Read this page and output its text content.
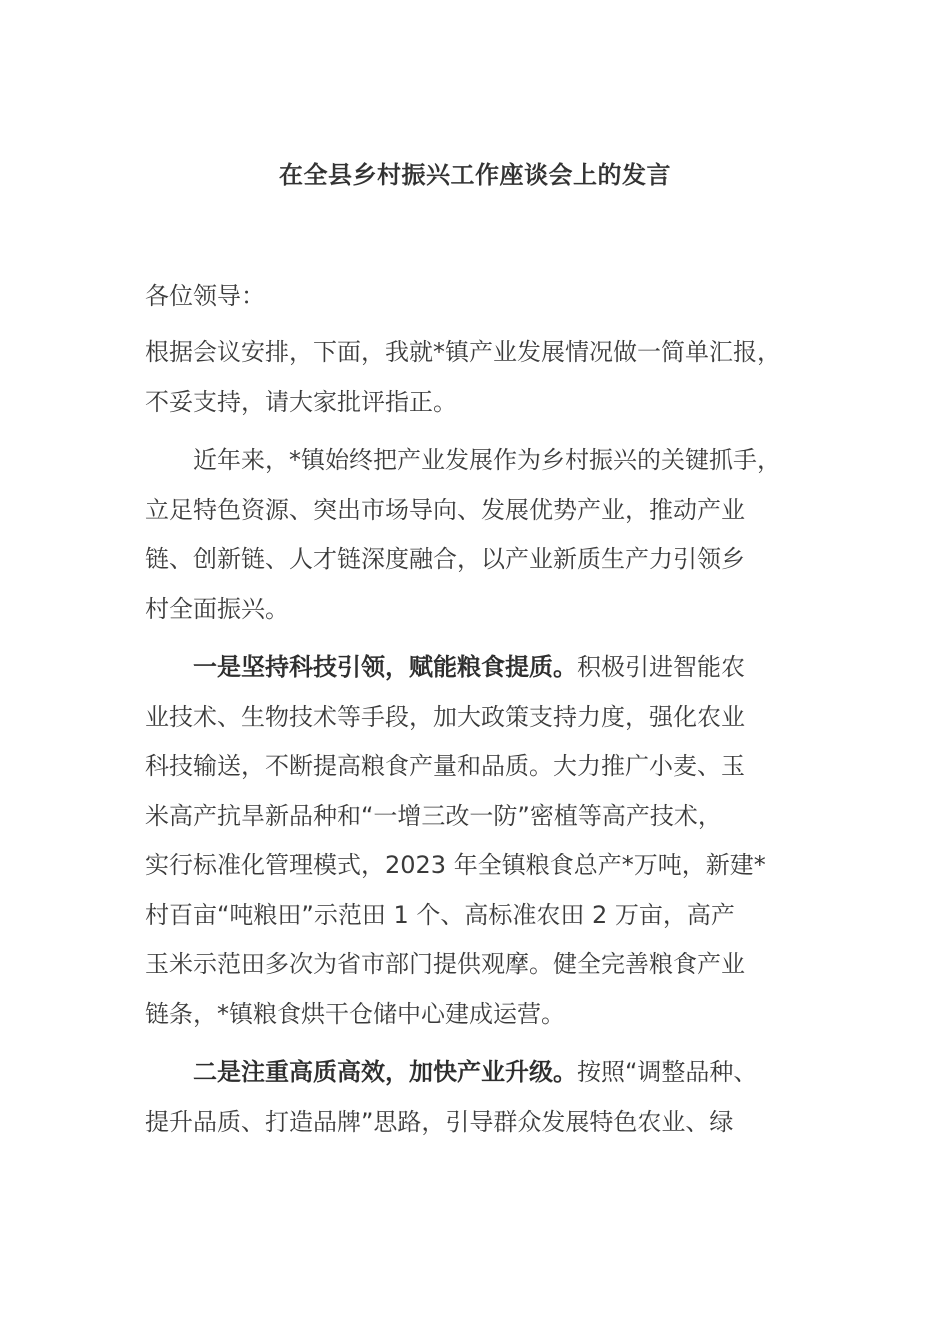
在全县乡村振兴工作座谈会上的发言
各位领导：
根据会议安排，下面，我就*镇产业发展情况做一简单汇报，
不妥支持，请大家批评指正。
　　近年来，*镇始终把产业发展作为乡村振兴的关键抓手，
立足特色资源、突出市场导向、发展优势产业，推动产业
链、创新链、人才链深度融合，以产业新质生产力引领乡
村全面振兴。
　　一是坚持科技引领，赋能粮食提质。积极引进智能农
业技术、生物技术等手段，加大政策支持力度，强化农业
科技输送，不断提高粮食产量和品质。大力推广小麦、玉
米高产抗旱新品种和“一增三改一防”密植等高产技术，
实行标准化管理模式，2023 年全镇粮食总产*万吨，新建*
村百亩“吨粮田”示范田 1 个、高标准农田 2 万亩，高产
玉米示范田多次为省市部门提供观摩。健全完善粮食产业
链条，*镇粮食烘干仓储中心建成运营。
　　二是注重高质高效，加快产业升级。按照“调整品种、
提升品质、打造品牌”思路，引导群众发展特色农业、绿
